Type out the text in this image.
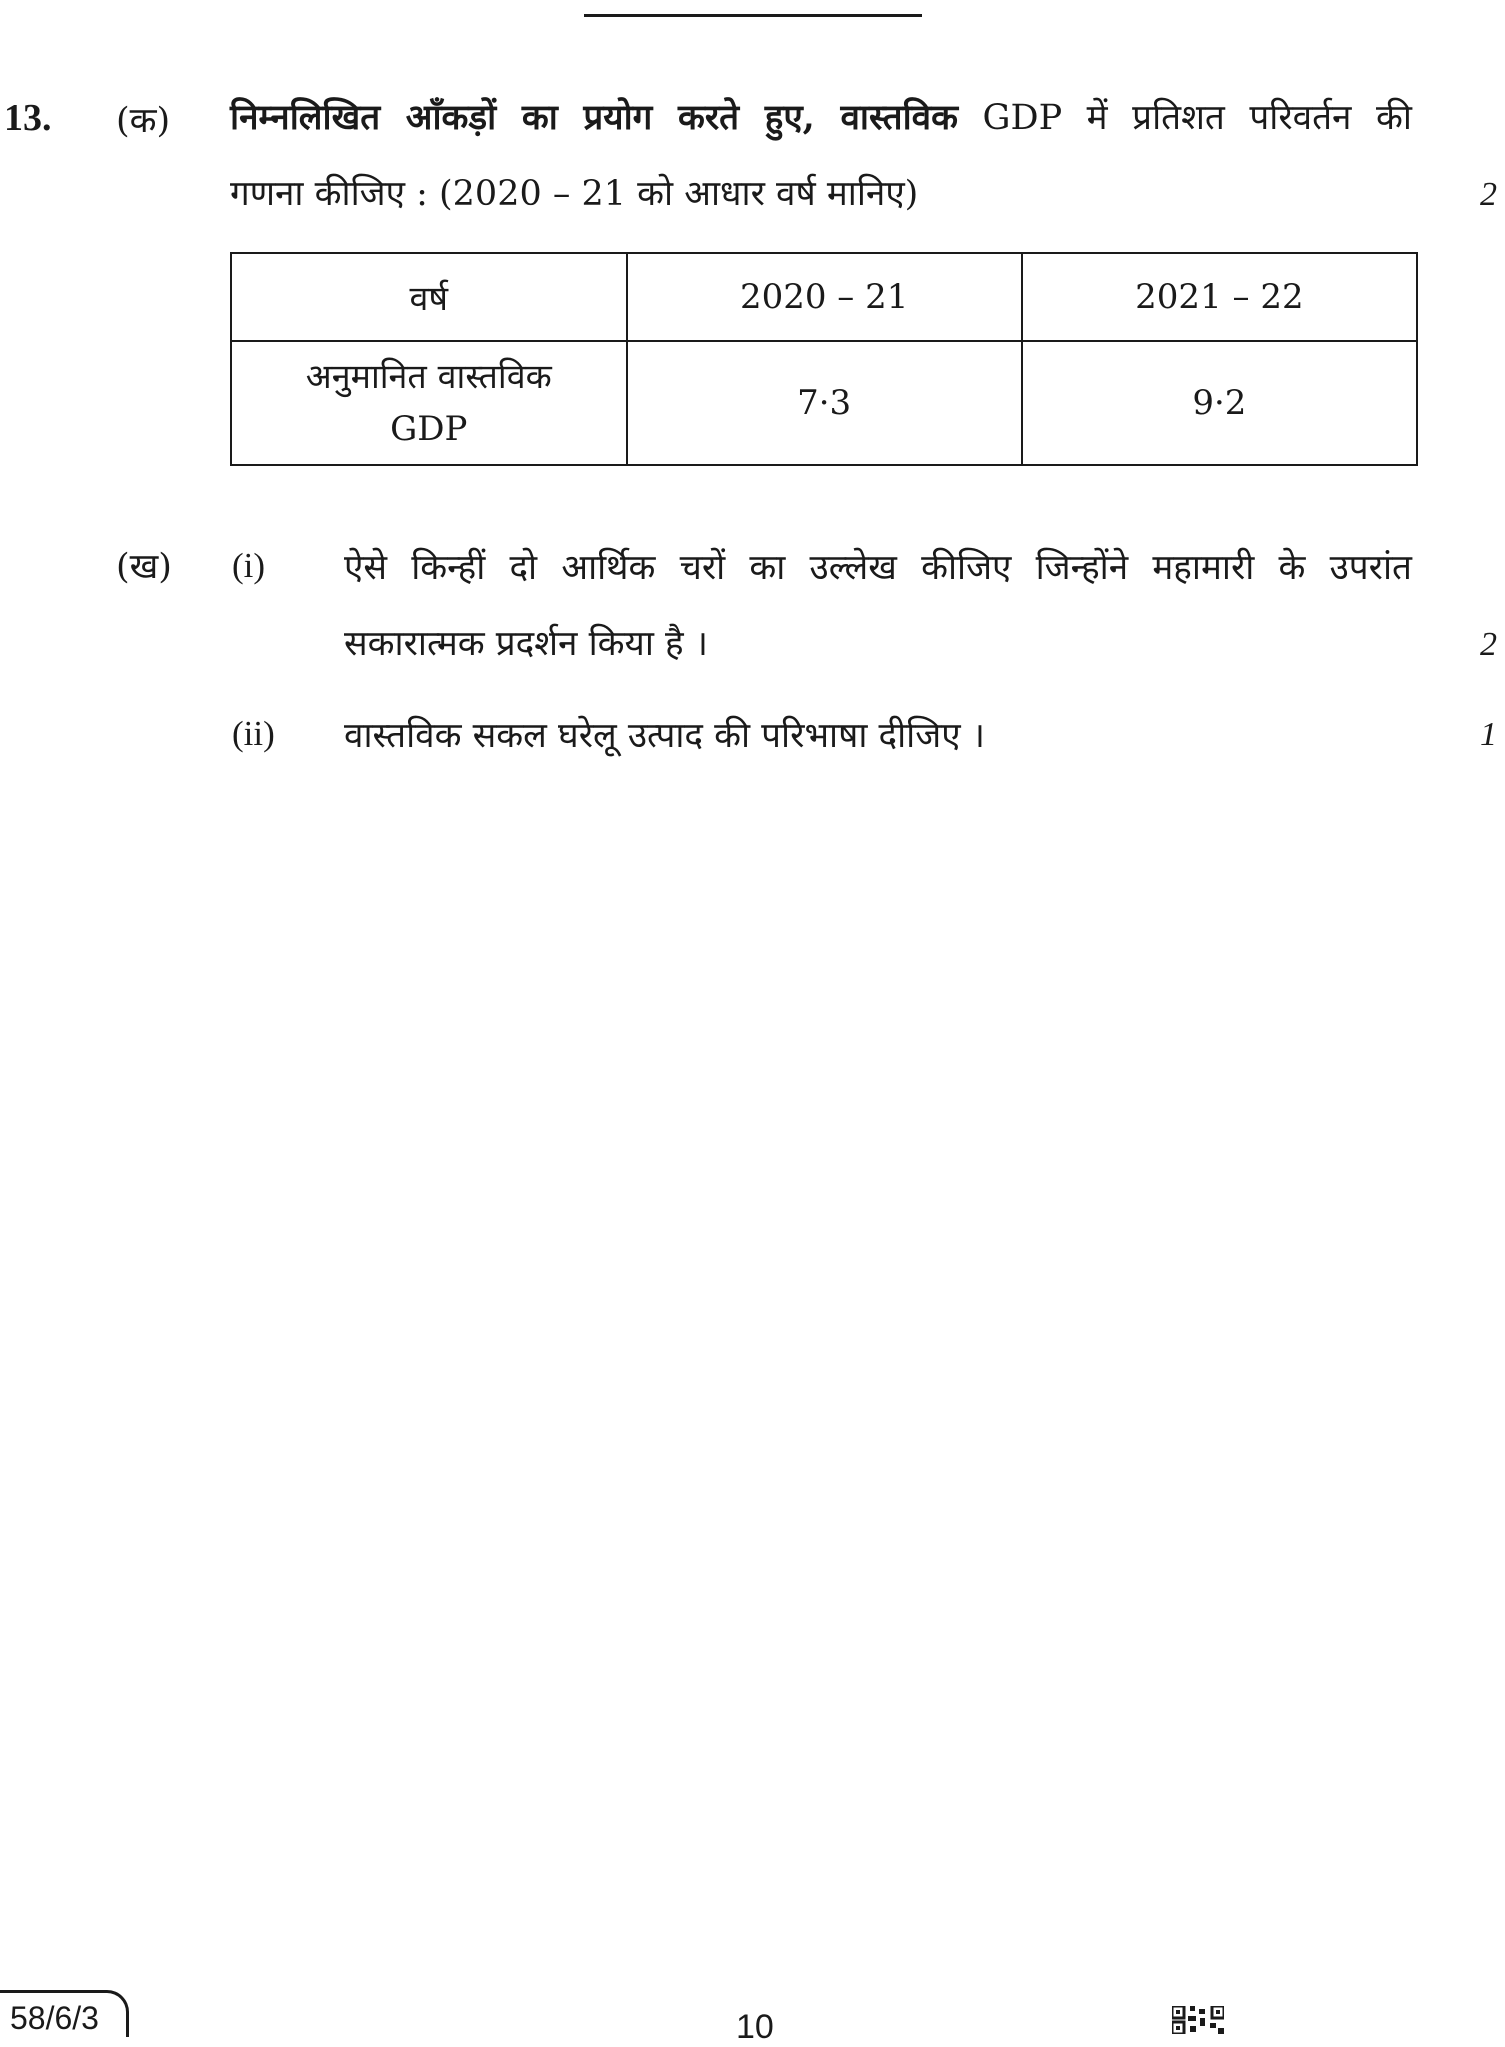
13. (क) निम्नलिखित आँकड़ों का प्रयोग करते हुए, वास्तविक GDP में प्रतिशत परिवर्तन की
गणना कीजिए : (2020 – 21 को आधार वर्ष मानिए)	2
वर्ष	2020 – 21	2021 – 22
अनुमानित वास्तविक
GDP	7·3	9·2
(ख) (i) ऐसे किन्हीं दो आर्थिक चरों का उल्लेख कीजिए जिन्होंने महामारी के उपरांत
सकारात्मक प्रदर्शन किया है ।	2
(ii) वास्तविक सकल घरेलू उत्पाद की परिभाषा दीजिए ।	1
58/6/3	10
